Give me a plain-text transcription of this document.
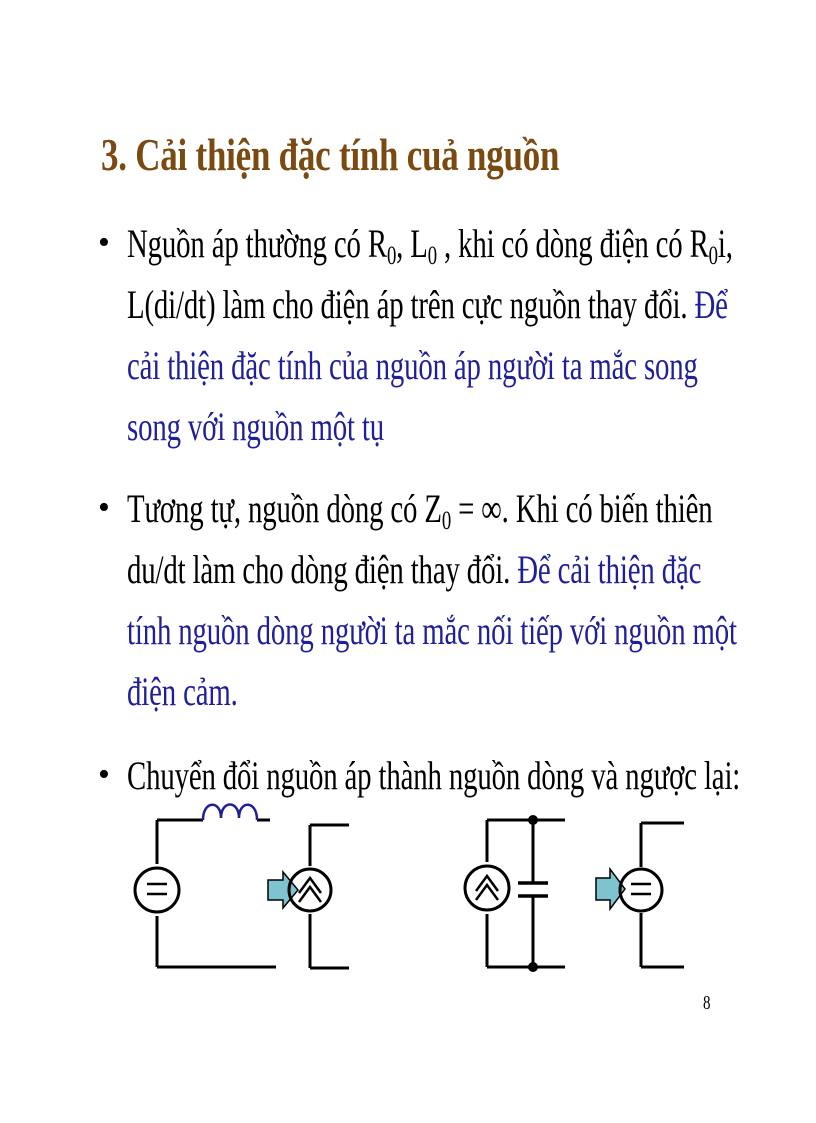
3. Cải thiện đặc tính cuả nguồn
• Nguồn áp thường có $R_0$, $L_0$ , khi có dòng điện có $R_0i$,
L(di/dt) làm cho điện áp trên cực nguồn thay đổi. Để
cải thiện đặc tính của nguồn áp người ta mắc song
song với nguồn một tụ
• Tương tự, nguồn dòng có $Z_0$ = ∞. Khi có biến thiên
du/dt làm cho dòng điện thay đổi. Để cải thiện đặc
tính nguồn dòng người ta mắc nối tiếp với nguồn một
điện cảm.
• Chuyển đổi nguồn áp thành nguồn dòng và ngược lại:
8
